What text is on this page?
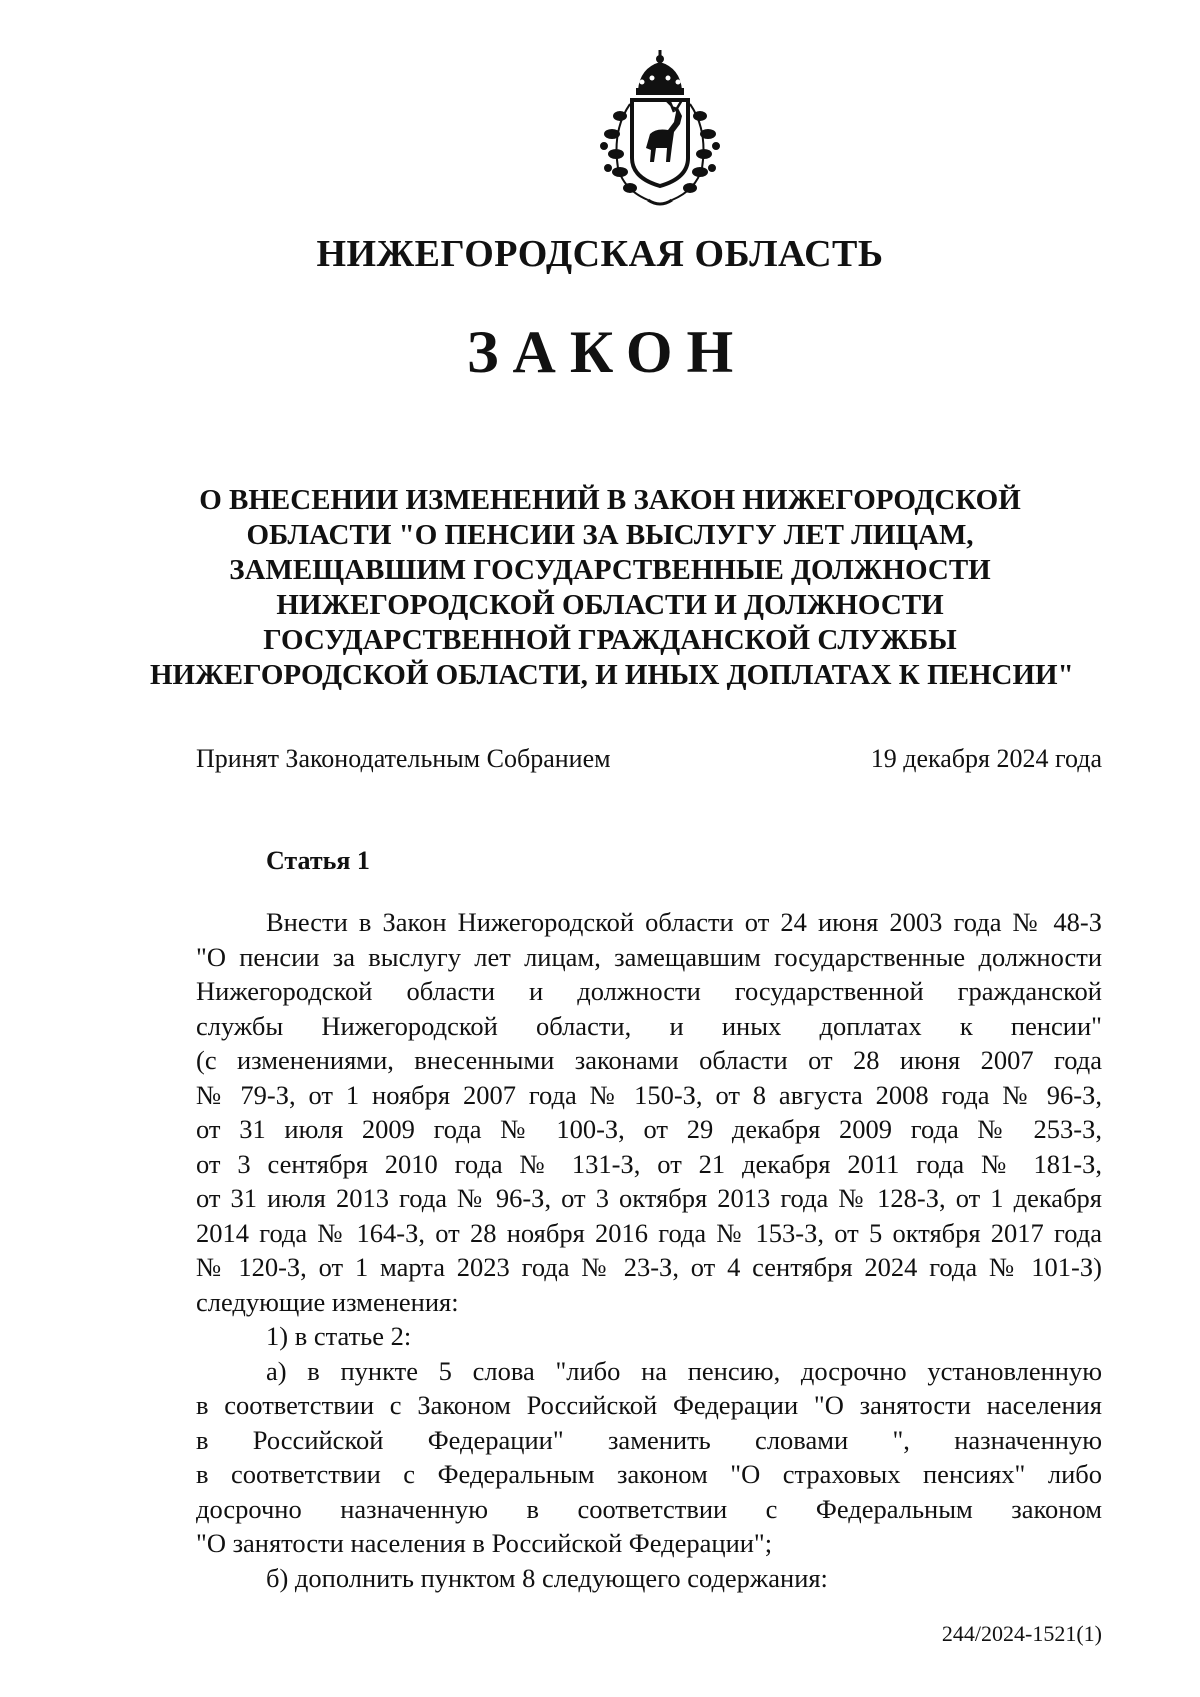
НИЖЕГОРОДСКАЯ ОБЛАСТЬ
ЗАКОН
О ВНЕСЕНИИ ИЗМЕНЕНИЙ В ЗАКОН НИЖЕГОРОДСКОЙ
ОБЛАСТИ "О ПЕНСИИ ЗА ВЫСЛУГУ ЛЕТ ЛИЦАМ,
ЗАМЕЩАВШИМ ГОСУДАРСТВЕННЫЕ ДОЛЖНОСТИ
НИЖЕГОРОДСКОЙ ОБЛАСТИ И ДОЛЖНОСТИ
ГОСУДАРСТВЕННОЙ ГРАЖДАНСКОЙ СЛУЖБЫ
НИЖЕГОРОДСКОЙ ОБЛАСТИ, И ИНЫХ ДОПЛАТАХ К ПЕНСИИ"
Принят Законодательным Собранием	19 декабря 2024 года
Статья 1
Внести в Закон Нижегородской области от 24 июня 2003 года № 48-З
"О пенсии за выслугу лет лицам, замещавшим государственные должности
Нижегородской области и должности государственной гражданской
службы Нижегородской области, и иных доплатах к пенсии"
(с изменениями, внесенными законами области от 28 июня 2007 года
№ 79-З, от 1 ноября 2007 года № 150-З, от 8 августа 2008 года № 96-З,
от 31 июля 2009 года № 100-З, от 29 декабря 2009 года № 253-З,
от 3 сентября 2010 года № 131-З, от 21 декабря 2011 года № 181-З,
от 31 июля 2013 года № 96-З, от 3 октября 2013 года № 128-З, от 1 декабря
2014 года № 164-З, от 28 ноября 2016 года № 153-З, от 5 октября 2017 года
№ 120-З, от 1 марта 2023 года № 23-З, от 4 сентября 2024 года № 101-З)
следующие изменения:
1) в статье 2:
а) в пункте 5 слова "либо на пенсию, досрочно установленную
в соответствии с Законом Российской Федерации "О занятости населения
в Российской Федерации" заменить словами ", назначенную
в соответствии с Федеральным законом "О страховых пенсиях" либо
досрочно назначенную в соответствии с Федеральным законом
"О занятости населения в Российской Федерации";
б) дополнить пунктом 8 следующего содержания:
244/2024-1521(1)
